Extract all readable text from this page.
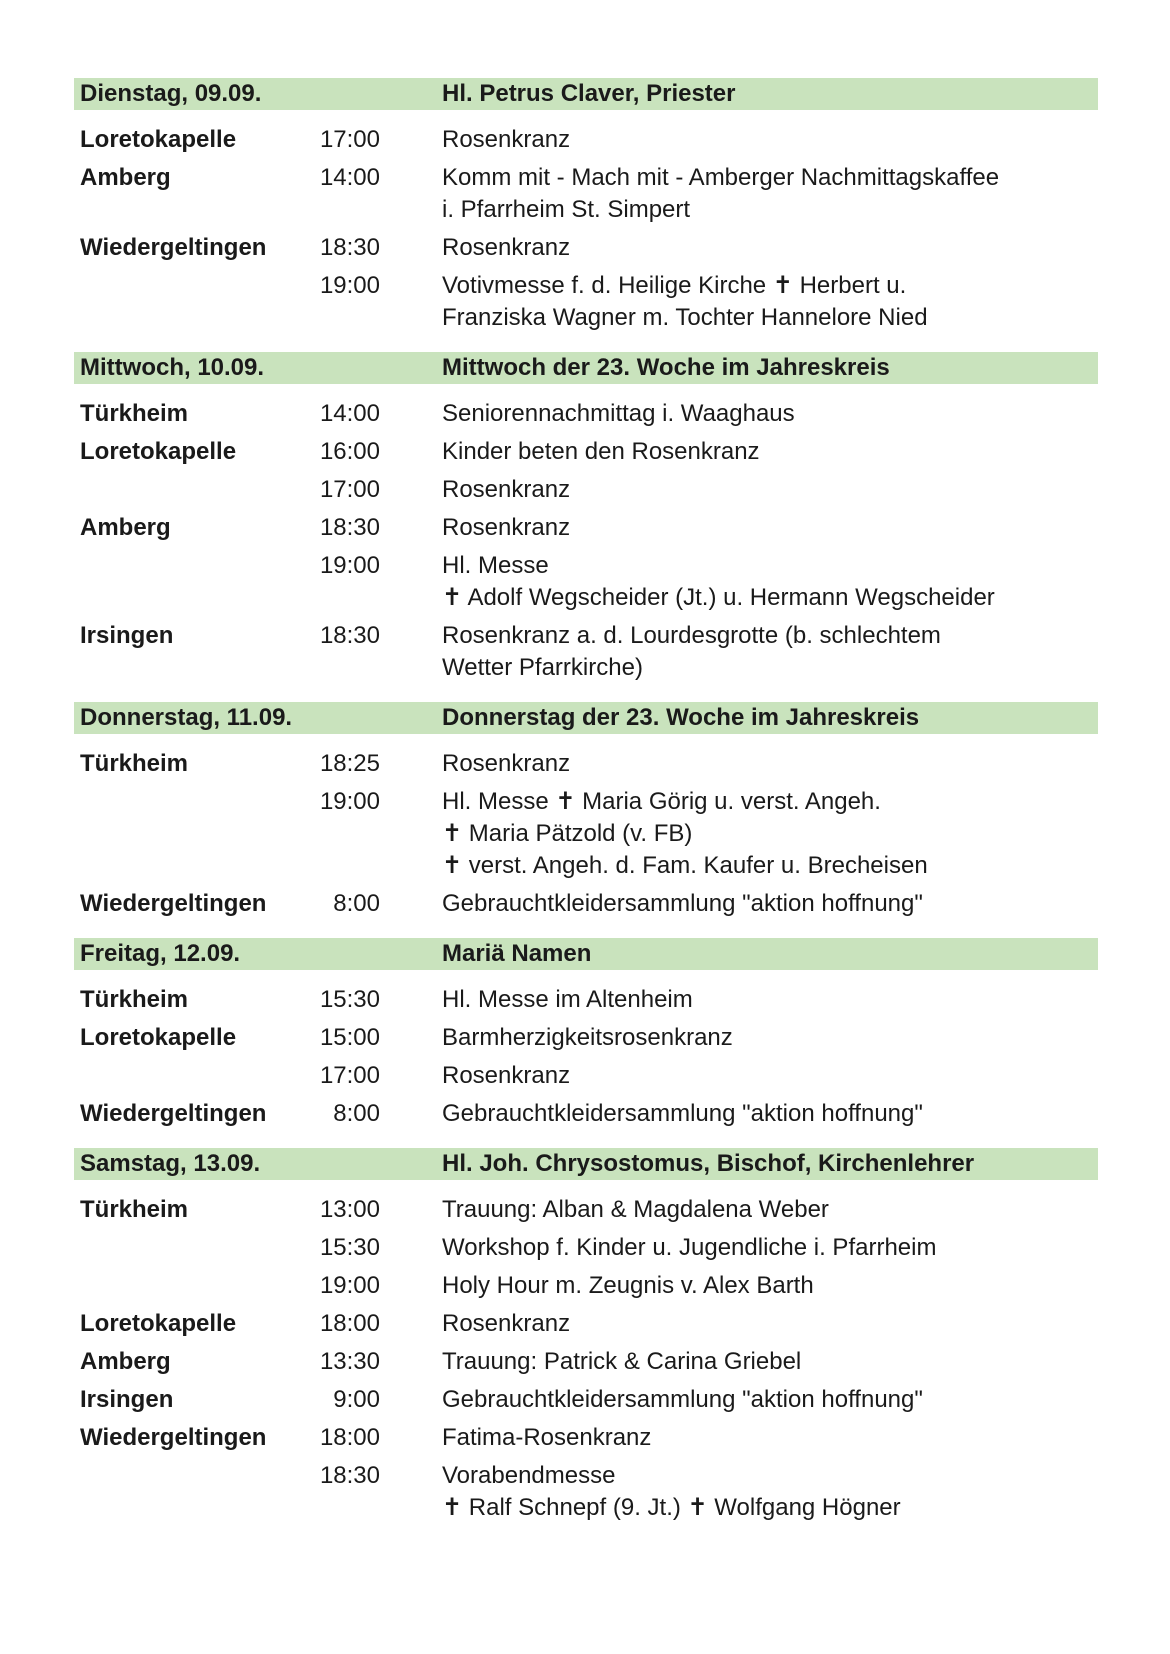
Dienstag, 09.09.	Hl. Petrus Claver, Priester
Loretokapelle	17:00	Rosenkranz
Amberg	14:00	Komm mit - Mach mit - Amberger Nachmittagskaffee
i. Pfarrheim St. Simpert
Wiedergeltingen	18:30	Rosenkranz
19:00	Votivmesse f. d. Heilige Kirche ✝ Herbert u.
Franziska Wagner m. Tochter Hannelore Nied
Mittwoch, 10.09.	Mittwoch der 23. Woche im Jahreskreis
Türkheim	14:00	Seniorennachmittag i. Waaghaus
Loretokapelle	16:00	Kinder beten den Rosenkranz
17:00	Rosenkranz
Amberg	18:30	Rosenkranz
19:00	Hl. Messe
✝ Adolf Wegscheider (Jt.) u. Hermann Wegscheider
Irsingen	18:30	Rosenkranz a. d. Lourdesgrotte (b. schlechtem
Wetter Pfarrkirche)
Donnerstag, 11.09.	Donnerstag der 23. Woche im Jahreskreis
Türkheim	18:25	Rosenkranz
19:00	Hl. Messe ✝ Maria Görig u. verst. Angeh.
✝ Maria Pätzold (v. FB)
✝ verst. Angeh. d. Fam. Kaufer u. Brecheisen
Wiedergeltingen	8:00	Gebrauchtkleidersammlung "aktion hoffnung"
Freitag, 12.09.	Mariä Namen
Türkheim	15:30	Hl. Messe im Altenheim
Loretokapelle	15:00	Barmherzigkeitsrosenkranz
17:00	Rosenkranz
Wiedergeltingen	8:00	Gebrauchtkleidersammlung "aktion hoffnung"
Samstag, 13.09.	Hl. Joh. Chrysostomus, Bischof, Kirchenlehrer
Türkheim	13:00	Trauung: Alban & Magdalena Weber
15:30	Workshop f. Kinder u. Jugendliche i. Pfarrheim
19:00	Holy Hour m. Zeugnis v. Alex Barth
Loretokapelle	18:00	Rosenkranz
Amberg	13:30	Trauung: Patrick & Carina Griebel
Irsingen	9:00	Gebrauchtkleidersammlung "aktion hoffnung"
Wiedergeltingen	18:00	Fatima-Rosenkranz
18:30	Vorabendmesse
✝ Ralf Schnepf (9. Jt.) ✝ Wolfgang Högner
